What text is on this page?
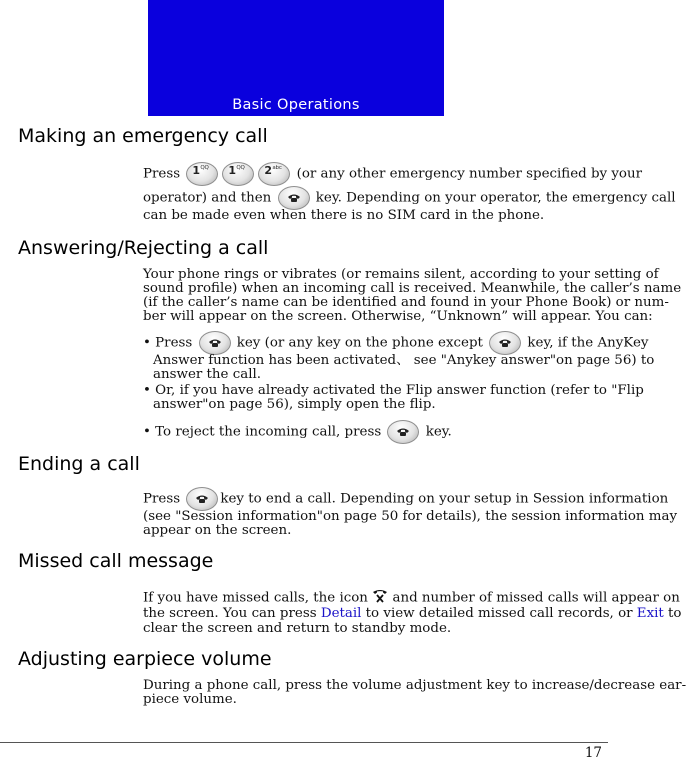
Basic Operations
Making an emergency call
Press 1 QQ 1 QQ 2 abc (or any other emergency number specified by your
operator) and then	key. Depending on your operator, the emergency call
can be made even when there is no SIM card in the phone.
Answering/Rejecting a call
Your phone rings or vibrates (or remains silent, according to your setting of
sound profile) when an incoming call is received. Meanwhile, the caller’s name
(if the caller’s name can be identified and found in your Phone Book) or num-
ber will appear on the screen. Otherwise, “Unknown” will appear. You can:
• Press	key (or any key on the phone except	key, if the AnyKey
Answer function has been activated、 see "Anykey answer"on page 56) to
answer the call.
• Or, if you have already activated the Flip answer function (refer to "Flip
answer"on page 56), simply open the flip.
• To reject the incoming call, press	key.
Ending a call
Press	key to end a call. Depending on your setup in Session information
(see "Session information"on page 50 for details), the session information may
appear on the screen.
Missed call message
If you have missed calls, the icon  and number of missed calls will appear on
the screen. You can press Detail to view detailed missed call records, or Exit to
clear the screen and return to standby mode.
Adjusting earpiece volume
During a phone call, press the volume adjustment key to increase/decrease ear-
piece volume.
17
